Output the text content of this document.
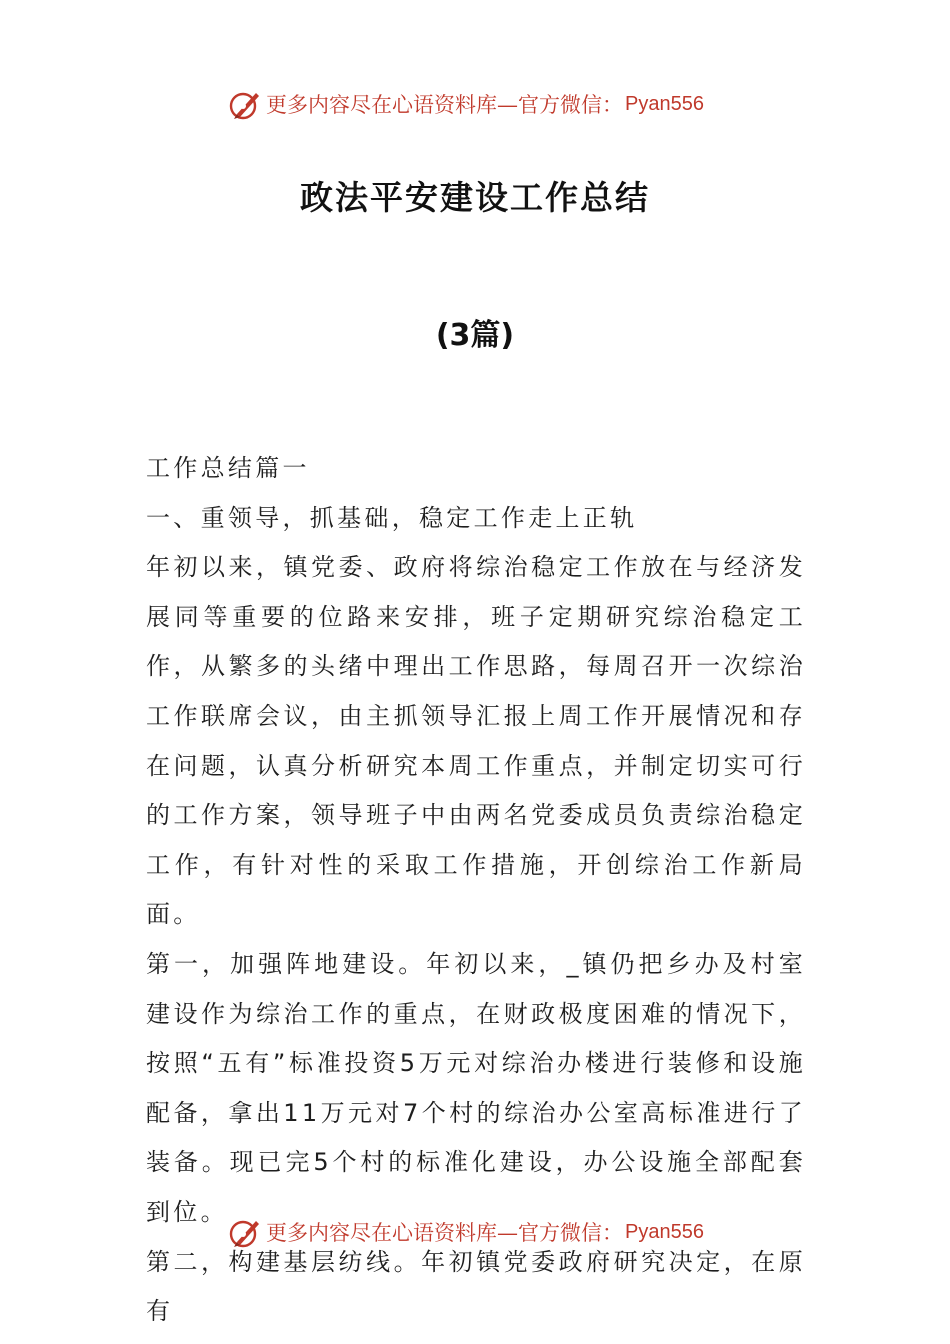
更多内容尽在心语资料库—官方微信： Pyan556
政法平安建设工作总结
(3篇)

工作总结篇一

一、重领导，抓基础，稳定工作走上正轨

年初以来，镇党委、政府将综治稳定工作放在与经济发展同等重要的位路来安排，班子定期研究综治稳定工作，从繁多的头绪中理出工作思路，每周召开一次综治工作联席会议，由主抓领导汇报上周工作开展情况和存在问题，认真分析研究本周工作重点，并制定切实可行的工作方案，领导班子中由两名党委成员负责综治稳定工作，有针对性的采取工作措施，开创综治工作新局面。

第一，加强阵地建设。年初以来，_镇仍把乡办及村室建设作为综治工作的重点，在财政极度困难的情况下，按照“五有”标准投资5万元对综治办楼进行装修和设施配备，拿出11万元对7个村的综治办公室高标准进行了装备。现已完5个村的标准化建设，办公设施全部配套到位。

第二，构建基层纺线。年初镇党委政府研究决定，在原有

更多内容尽在心语资料库—官方微信： Pyan556
